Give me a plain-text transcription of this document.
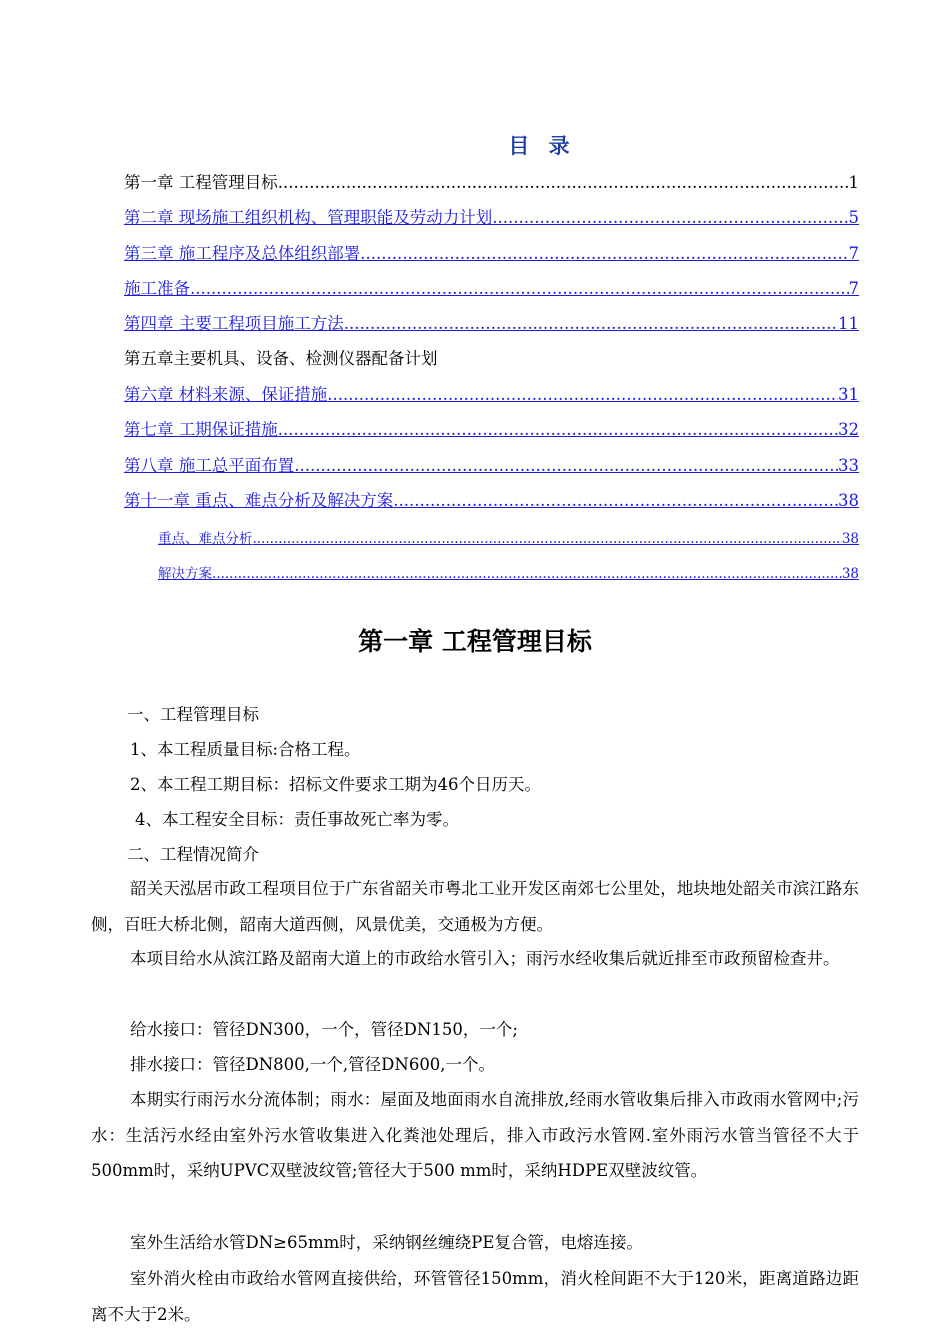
目 录
第一章 工程管理目标 .....	1
第二章 现场施工组织机构、管理职能及劳动力计划 .....	5
第三章 施工程序及总体组织部署 .....	7
施工准备 .....	7
第四章 主要工程项目施工方法 .....	11
第五章主要机具、设备、检测仪器配备计划
第六章 材料来源、保证措施 .....	31
第七章 工期保证措施 .....	32
第八章 施工总平面布置 .....	33
第十一章 重点、难点分析及解决方案 .....	38
重点、难点分析 .....	38
解决方案 .....	38
第一章 工程管理目标
一、工程管理目标
1、本工程质量目标:合格工程。
2、本工程工期目标：招标文件要求工期为46个日历天。
4、本工程安全目标：责任事故死亡率为零。
二、工程情况简介
韶关天泓居市政工程项目位于广东省韶关市粤北工业开发区南郊七公里处，地块地处韶关市滨江路东侧，百旺大桥北侧，韶南大道西侧，风景优美，交通极为方便。
本项目给水从滨江路及韶南大道上的市政给水管引入；雨污水经收集后就近排至市政预留检查井。
给水接口：管径DN300，一个，管径DN150，一个;
排水接口：管径DN800,一个,管径DN600,一个。
本期实行雨污水分流体制；雨水：屋面及地面雨水自流排放,经雨水管收集后排入市政雨水管网中;污水：生活污水经由室外污水管收集进入化粪池处理后，排入市政污水管网.室外雨污水管当管径不大于500mm时，采纳UPVC双壁波纹管;管径大于500 mm时，采纳HDPE双壁波纹管。
室外生活给水管DN≥65mm时，采纳钢丝缠绕PE复合管，电熔连接。
室外消火栓由市政给水管网直接供给，环管管径150mm，消火栓间距不大于120米，距离道路边距离不大于2米。
